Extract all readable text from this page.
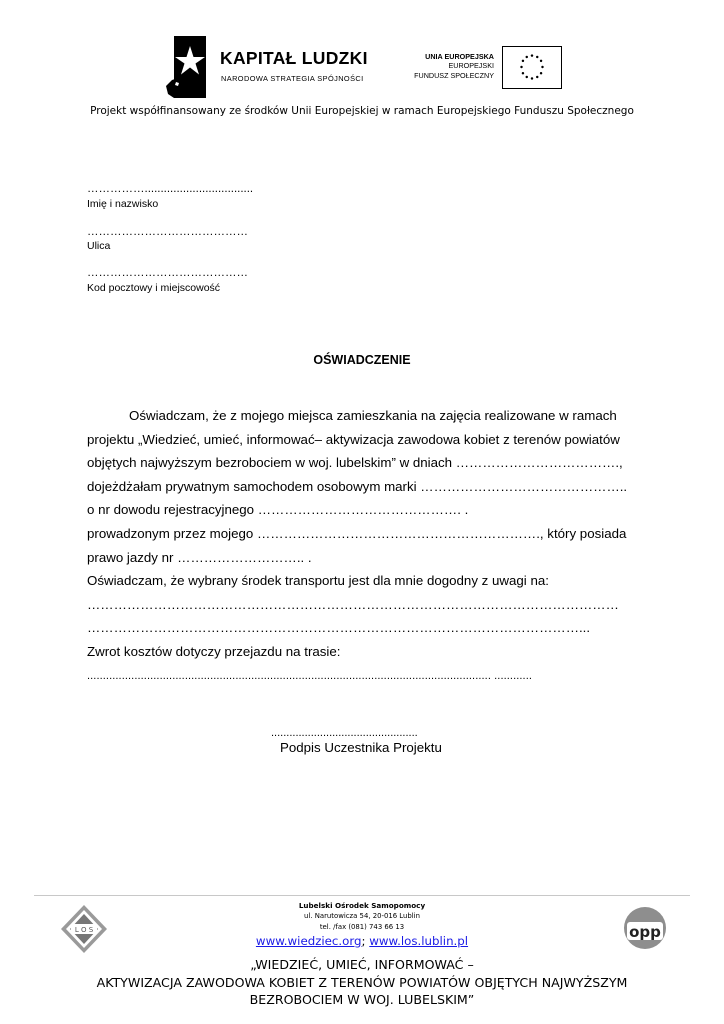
KAPITAŁ LUDZKI
NARODOWA STRATEGIA SPÓJNOŚCI
UNIA EUROPEJSKA
EUROPEJSKI
FUNDUSZ SPOŁECZNY
Projekt współfinansowany ze środków Unii Europejskiej w ramach Europejskiego Funduszu Społecznego
……………..................................
Imię i nazwisko
……………………………………
Ulica
……………………………………
Kod pocztowy i miejscowość
OŚWIADCZENIE
Oświadczam, że z mojego miejsca zamieszkania na zajęcia realizowane w ramach
projektu „Wiedzieć, umieć, informować– aktywizacja zawodowa kobiet z terenów powiatów
objętych najwyższym bezrobociem w woj. lubelskim” w dniach ……………………………….,
dojeżdżałam prywatnym samochodem osobowym marki ………………………………………..
o nr dowodu rejestracyjnego ………………………………………. .
prowadzonym przez mojego ………………………………………………………., który posiada
prawo jazdy nr ……………………….. .
Oświadczam, że wybrany środek transportu jest dla mnie dogodny z uwagi na:
…………………………………………………………………………………………………………
…………………………………………………………………………………………………...
Zwrot kosztów dotyczy przejazdu na trasie:
................................................................................................................................ ............
................................................
Podpis Uczestnika Projektu
L O S	opp
Lubelski Ośrodek Samopomocy
ul. Narutowicza 54, 20-016 Lublin
tel. /fax (081) 743 66 13
www.wiedziec.org; www.los.lublin.pl
„WIEDZIEĆ, UMIEĆ, INFORMOWAĆ –
AKTYWIZACJA ZAWODOWA KOBIET Z TERENÓW POWIATÓW OBJĘTYCH NAJWYŻSZYM
BEZROBOCIEM W WOJ. LUBELSKIM”
